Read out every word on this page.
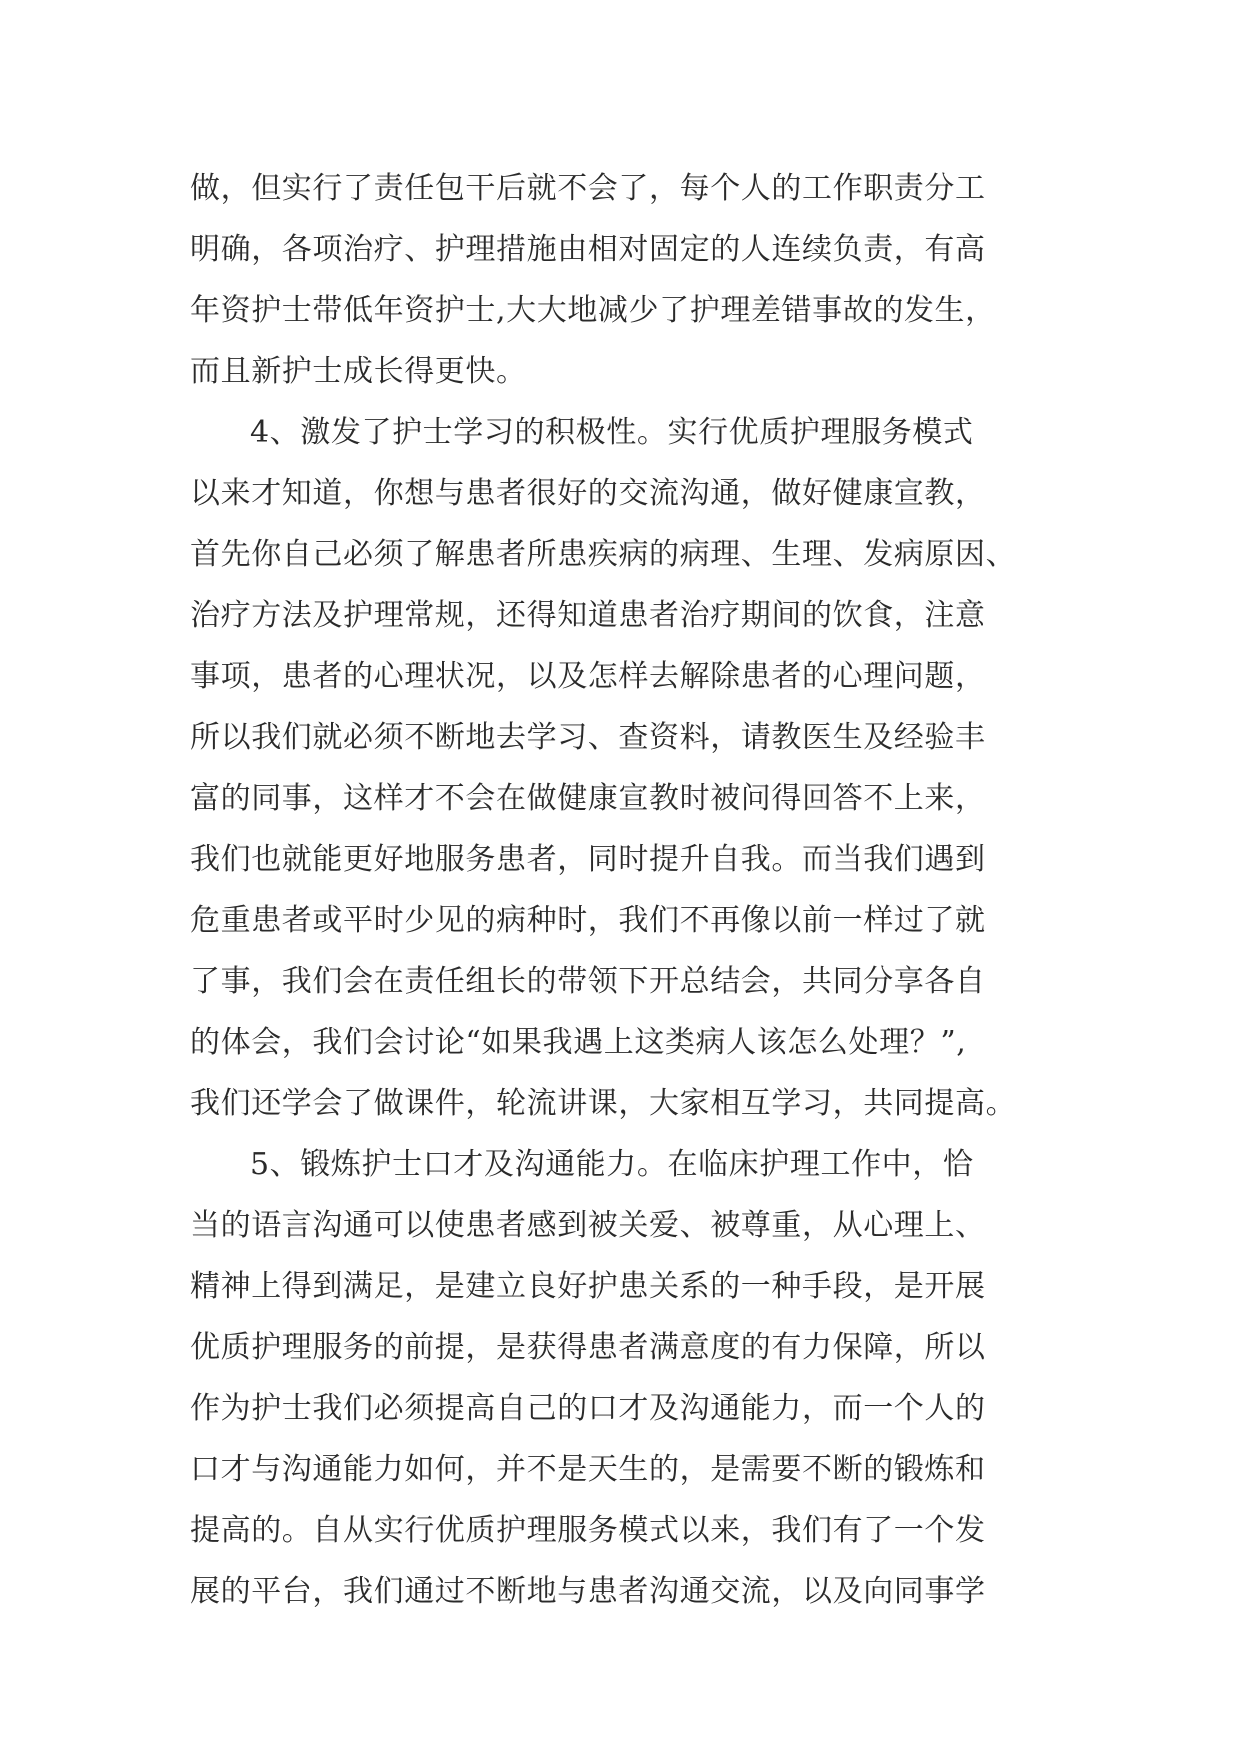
做，但实行了责任包干后就不会了，每个人的工作职责分工
明确，各项治疗、护理措施由相对固定的人连续负责，有高
年资护士带低年资护士,大大地减少了护理差错事故的发生，
而且新护士成长得更快。
4、激发了护士学习的积极性。实行优质护理服务模式
以来才知道，你想与患者很好的交流沟通，做好健康宣教，
首先你自己必须了解患者所患疾病的病理、生理、发病原因、
治疗方法及护理常规，还得知道患者治疗期间的饮食，注意
事项，患者的心理状况，以及怎样去解除患者的心理问题，
所以我们就必须不断地去学习、查资料，请教医生及经验丰
富的同事，这样才不会在做健康宣教时被问得回答不上来，
我们也就能更好地服务患者，同时提升自我。而当我们遇到
危重患者或平时少见的病种时，我们不再像以前一样过了就
了事，我们会在责任组长的带领下开总结会，共同分享各自
的体会，我们会讨论“如果我遇上这类病人该怎么处理？”,
我们还学会了做课件，轮流讲课，大家相互学习，共同提高。
5、锻炼护士口才及沟通能力。在临床护理工作中，恰
当的语言沟通可以使患者感到被关爱、被尊重，从心理上、
精神上得到满足，是建立良好护患关系的一种手段，是开展
优质护理服务的前提，是获得患者满意度的有力保障，所以
作为护士我们必须提高自己的口才及沟通能力，而一个人的
口才与沟通能力如何，并不是天生的，是需要不断的锻炼和
提高的。自从实行优质护理服务模式以来，我们有了一个发
展的平台，我们通过不断地与患者沟通交流，以及向同事学
